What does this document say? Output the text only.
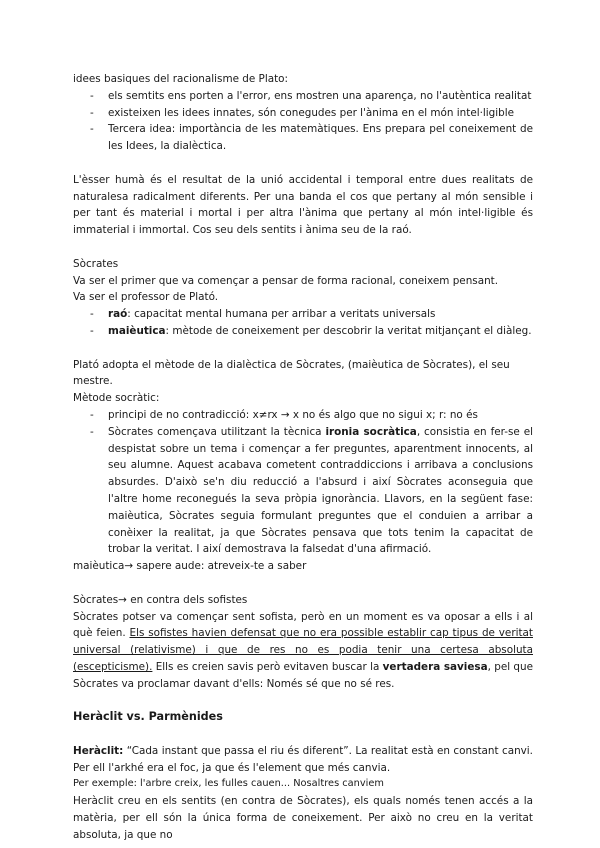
idees basiques del racionalisme de Plato:

- els semtits ens porten a l'error, ens mostren una aparença, no l'autèntica realitat
- existeixen les idees innates, són conegudes per l'ànima en el món intel·ligible
- Tercera idea: importància de les matemàtiques. Ens prepara pel coneixement de les Idees, la dialèctica.

L'èsser humà és el resultat de la unió accidental i temporal entre dues realitats de naturalesa radicalment diferents. Per una banda el cos que pertany al món sensible i per tant és material i mortal i per altra l'ànima que pertany al món intel·ligible és immaterial i immortal. Cos seu dels sentits i ànima seu de la raó.

Sòcrates

Va ser el primer que va començar a pensar de forma racional, coneixem pensant.

Va ser el professor de Plató.

- raó: capacitat mental humana per arribar a veritats universals
- maièutica: mètode de coneixement per descobrir la veritat mitjançant el diàleg.

Plató adopta el mètode de la dialèctica de Sòcrates, (maièutica de Sòcrates), el seu mestre.

Mètode socràtic:

- principi de no contradicció: x≠rx → x no és algo que no sigui x; r: no és
- Sòcrates començava utilitzant la tècnica ironia socràtica, consistia en fer-se el despistat sobre un tema i començar a fer preguntes, aparentment innocents, al seu alumne. Aquest acabava cometent contraddiccions i arribava a conclusions absurdes. D'això se'n diu reducció a l'absurd i així Sòcrates aconseguia que l'altre home reconegués la seva pròpia ignorància. Llavors, en la següent fase: maièutica, Sòcrates seguia formulant preguntes que el conduien a arribar a conèixer la realitat, ja que Sòcrates pensava que tots tenim la capacitat de trobar la veritat. I així demostrava la falsedat d'una afirmació.

maièutica→ sapere aude: atreveix-te a saber

Sòcrates→ en contra dels sofistes

Sòcrates potser va començar sent sofista, però en un moment es va oposar a ells i al què feien. Els sofistes havien defensat que no era possible establir cap tipus de veritat universal (relativisme) i que de res no es podia tenir una certesa absoluta (escepticisme). Ells es creien savis però evitaven buscar la vertadera saviesa, pel que Sòcrates va proclamar davant d'ells: Només sé que no sé res.

Heràclit vs. Parmènides

Heràclit: “Cada instant que passa el riu és diferent”. La realitat està en constant canvi. Per ell l'arkhé era el foc, ja que és l'element que més canvia.

Per exemple: l'arbre creix, les fulles cauen... Nosaltres canviem

Heràclit creu en els sentits (en contra de Sòcrates), els quals només tenen accés a la matèria, per ell són la única forma de coneixement. Per això no creu en la veritat absoluta, ja que no
